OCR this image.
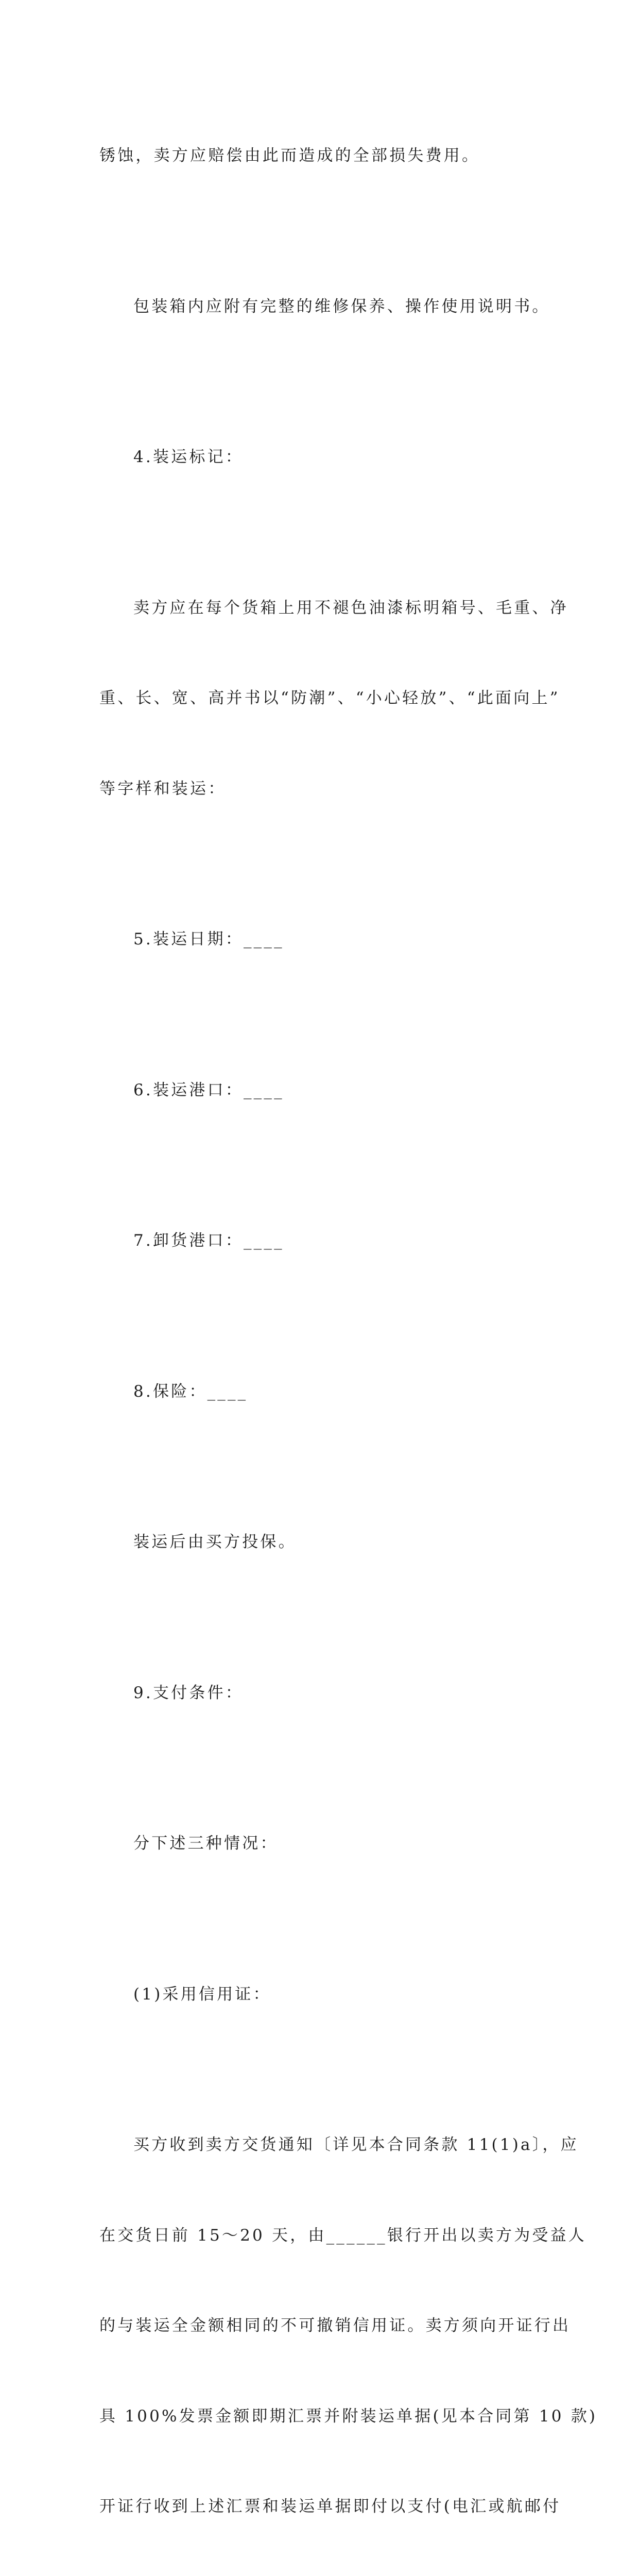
锈蚀，卖方应赔偿由此而造成的全部损失费用。

包装箱内应附有完整的维修保养、操作使用说明书。

4.装运标记：

卖方应在每个货箱上用不褪色油漆标明箱号、毛重、净

重、长、宽、高并书以“防潮”、“小心轻放”、“此面向上”

等字样和装运：

5.装运日期：____

6.装运港口：____

7.卸货港口：____

8.保险：____

装运后由买方投保。

9.支付条件：

分下述三种情况：

(1)采用信用证：

买方收到卖方交货通知〔详见本合同条款 11(1)a〕，应

在交货日前 15～20 天，由______银行开出以卖方为受益人

的与装运全金额相同的不可撤销信用证。卖方须向开证行出

具 100%发票金额即期汇票并附装运单据(见本合同第 10 款)

开证行收到上述汇票和装运单据即付以支付(电汇或航邮付
